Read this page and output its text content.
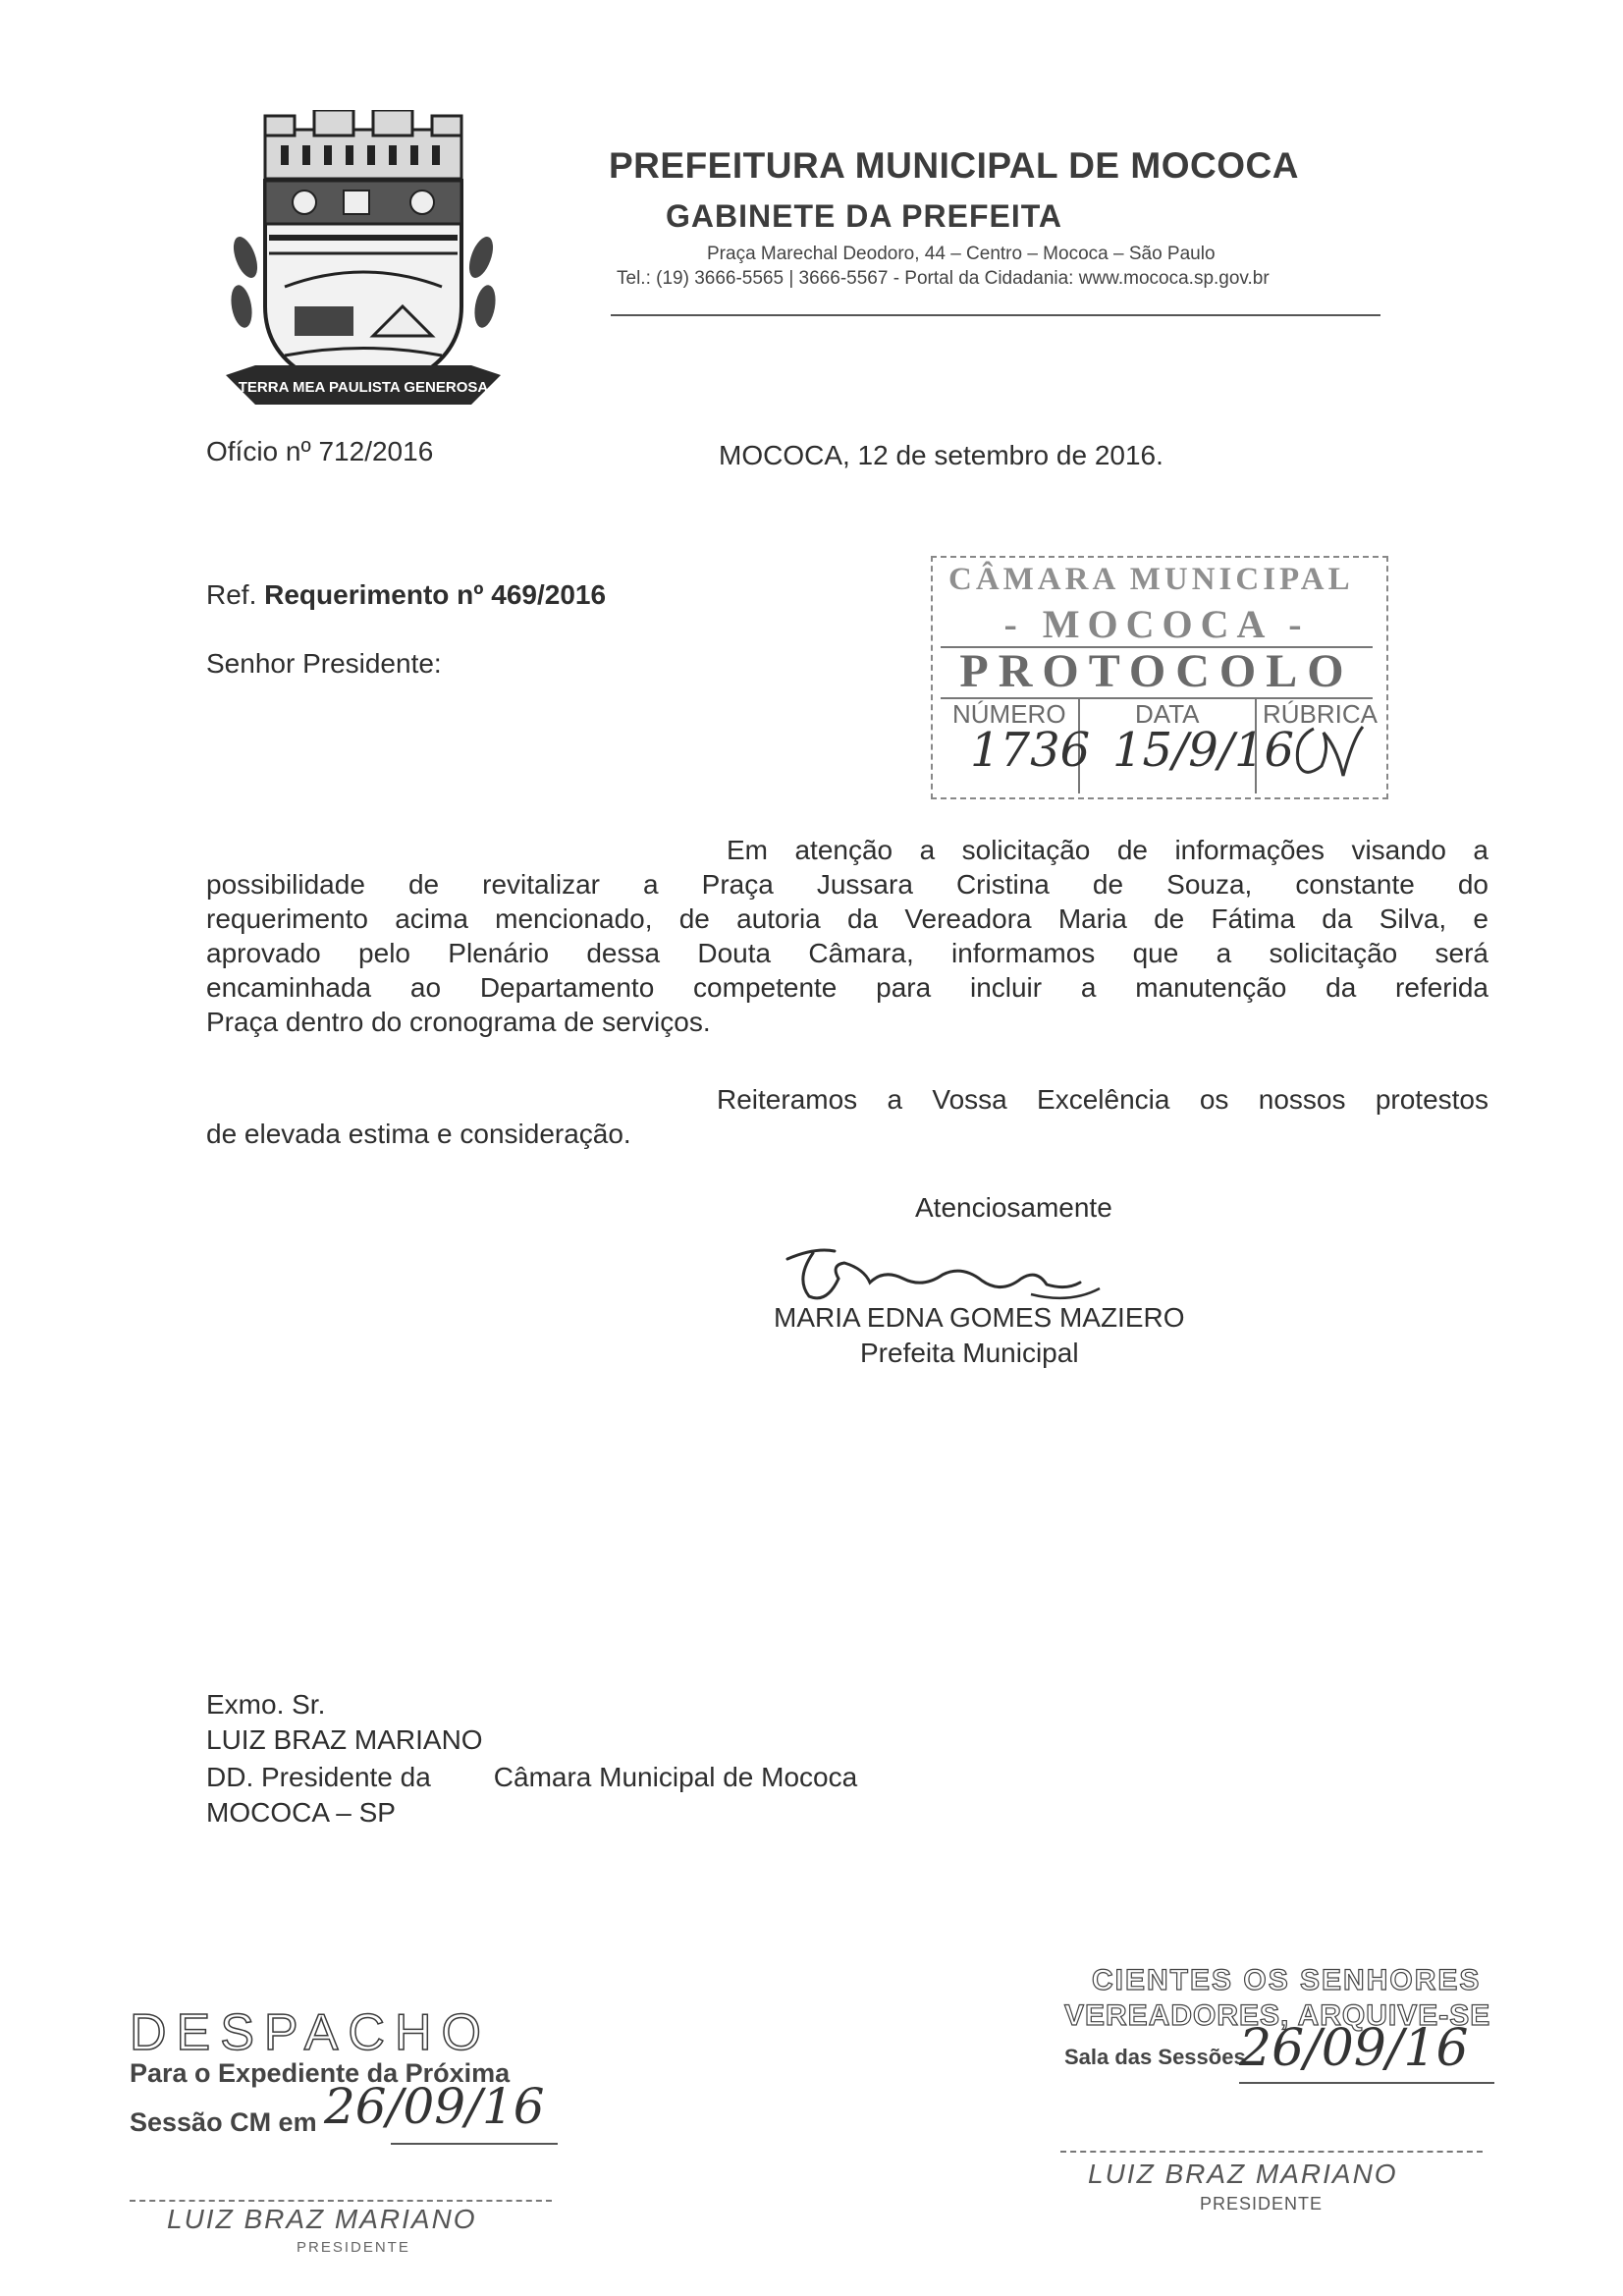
TERRA MEA PAULISTA GENEROSA
PREFEITURA MUNICIPAL DE MOCOCA
GABINETE DA PREFEITA
Praça Marechal Deodoro, 44 – Centro – Mococa – São Paulo
Tel.: (19) 3666-5565 | 3666-5567 - Portal da Cidadania: www.mococa.sp.gov.br
Ofício nº 712/2016	MOCOCA, 12 de setembro de 2016.
Ref. Requerimento nº 469/2016
Senhor Presidente:
CÂMARA MUNICIPAL
- MOCOCA -
PROTOCOLO
NÚMERO	DATA RÚBRICA
1736 15/9/16
Em atenção a solicitação de informações visando a
possibilidade de revitalizar a Praça Jussara Cristina de Souza, constante do
requerimento acima mencionado, de autoria da Vereadora Maria de Fátima da Silva, e
aprovado pelo Plenário dessa Douta Câmara, informamos que a solicitação será
encaminhada ao Departamento competente para incluir a manutenção da referida
Praça dentro do cronograma de serviços.
Reiteramos a Vossa Excelência os nossos protestos
de elevada estima e consideração.
Atenciosamente
MARIA EDNA GOMES MAZIERO
Prefeita Municipal
Exmo. Sr.
LUIZ BRAZ MARIANO
DD. Presidente da Câmara Municipal de Mococa
MOCOCA – SP
DESPACHO
Para o Expediente da Próxima
Sessão CM em 26/09/16
LUIZ BRAZ MARIANO
PRESIDENTE
CIENTES OS SENHORES
VEREADORES, ARQUIVE-SE
Sala das Sessões
26/09/16
LUIZ BRAZ MARIANO
PRESIDENTE
